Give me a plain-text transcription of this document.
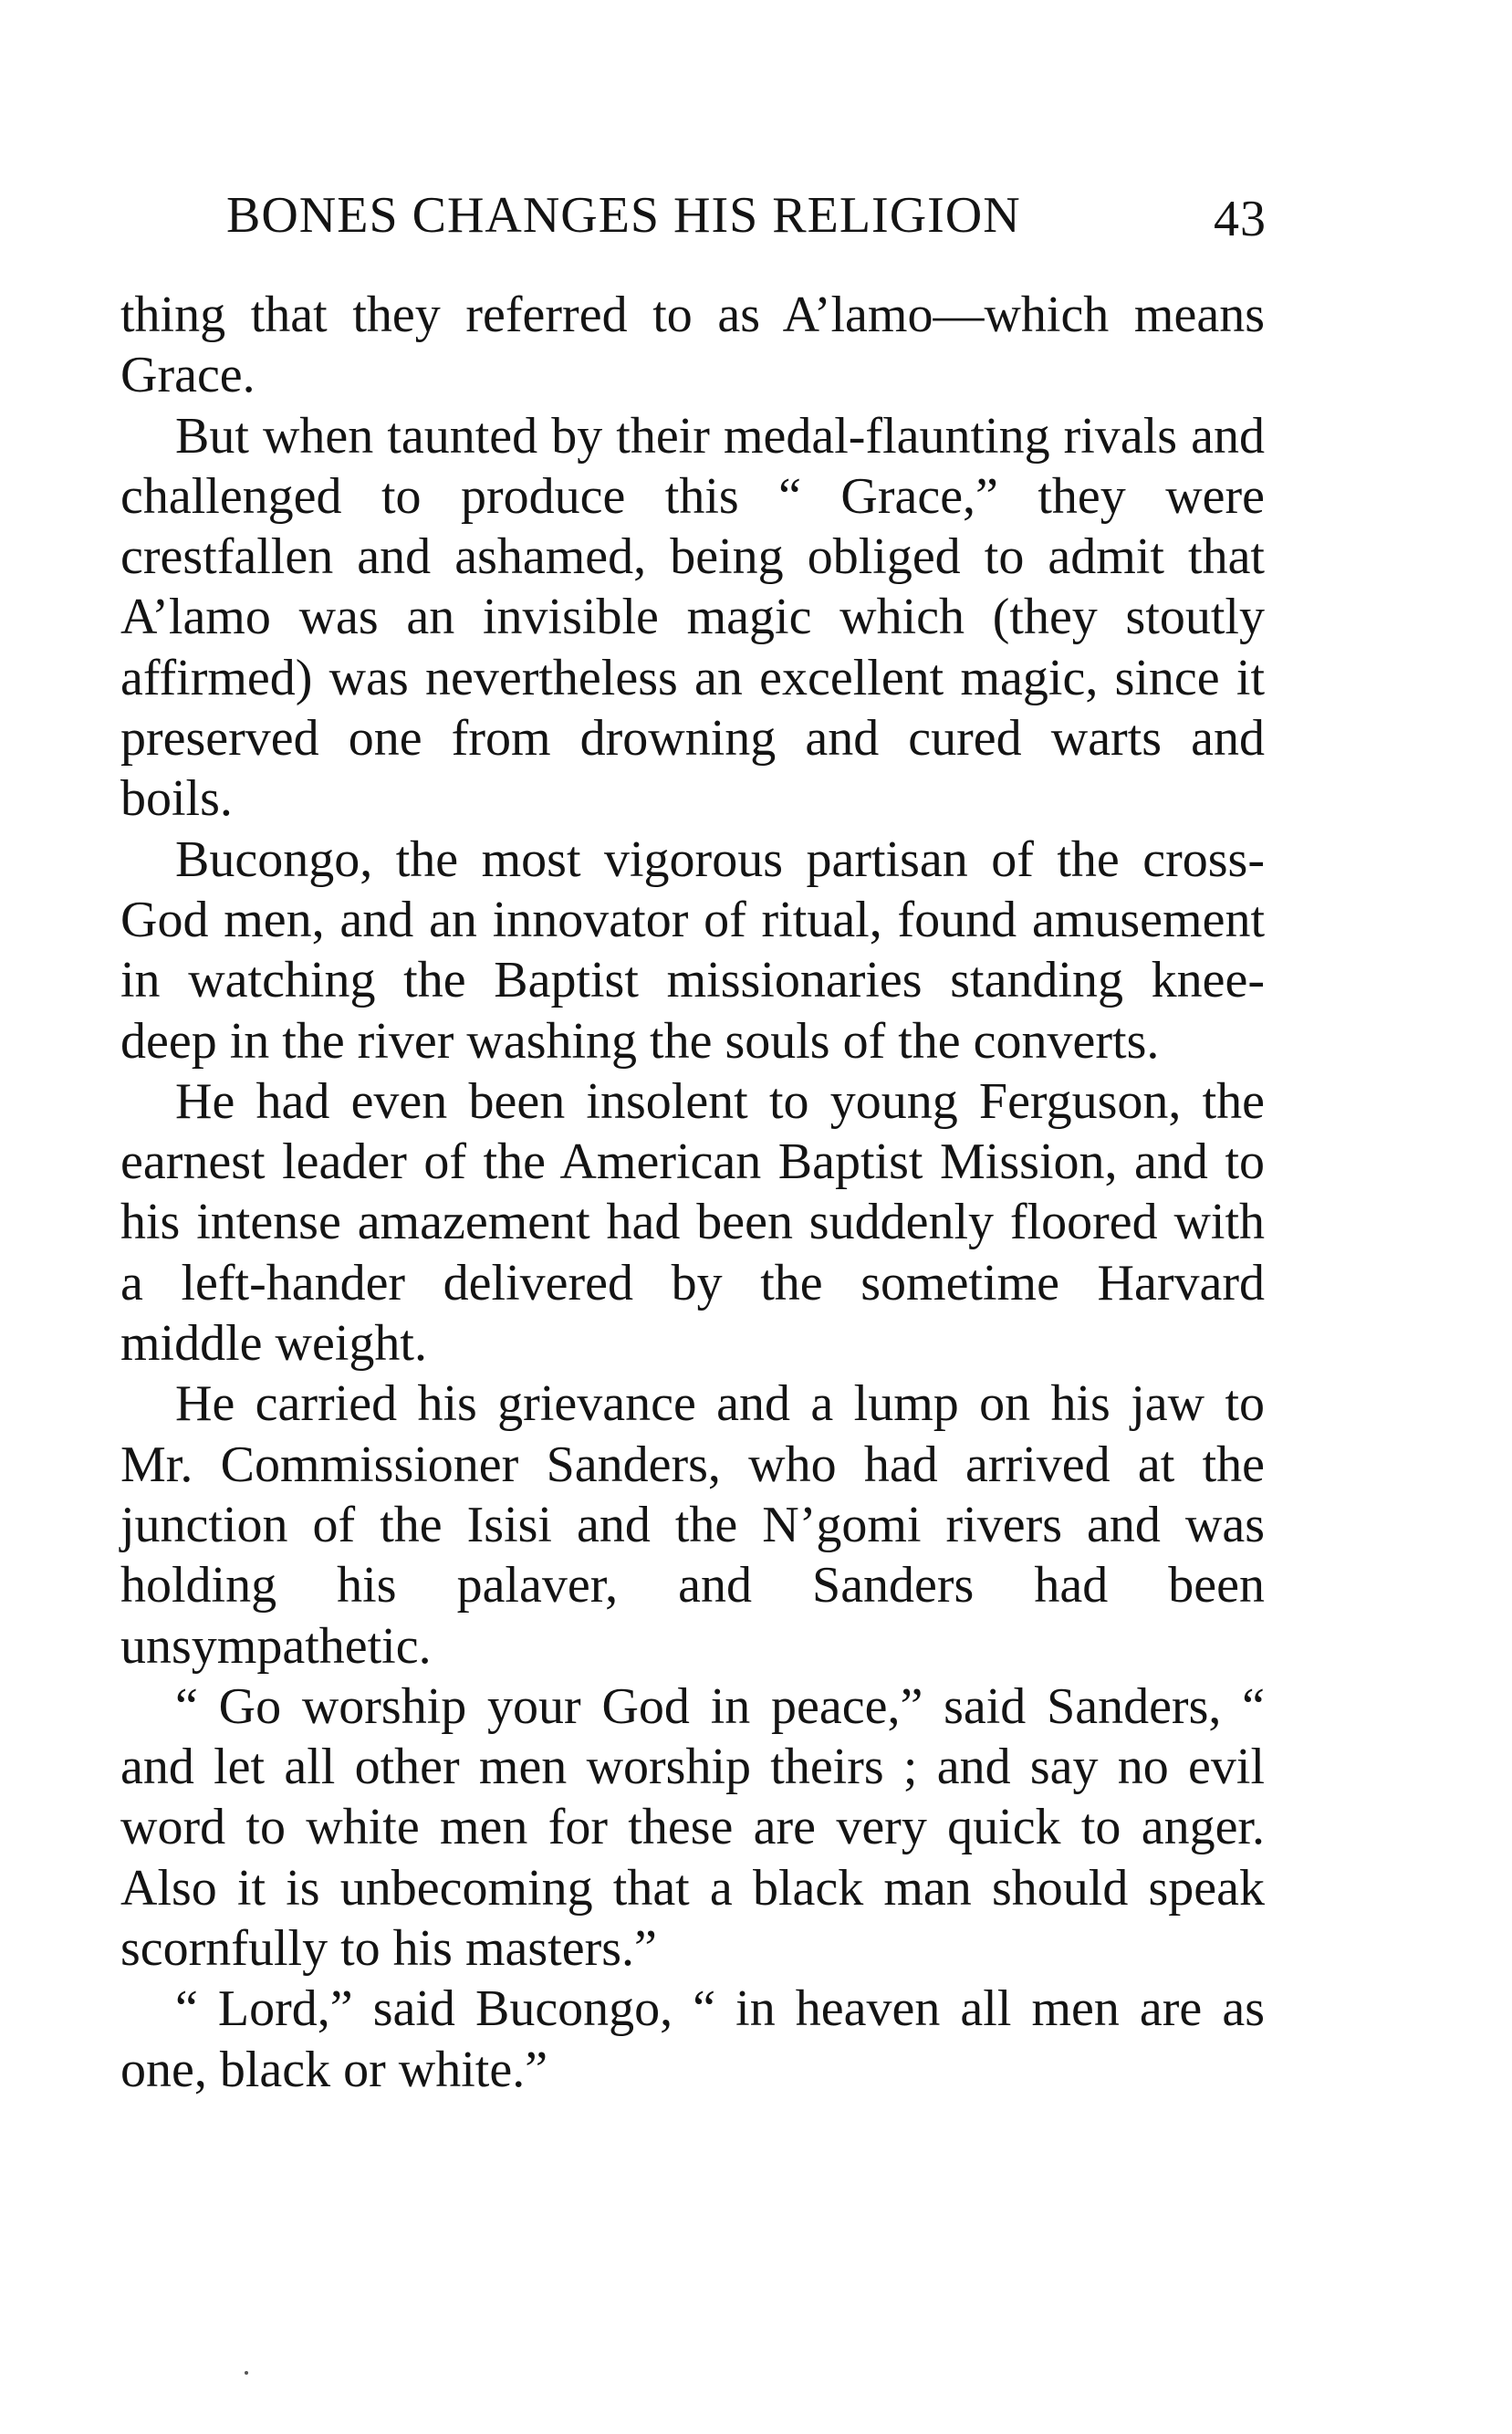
BONES CHANGES HIS RELIGION	43

thing that they referred to as A’lamo—which means Grace.

But when taunted by their medal-flaunting rivals and challenged to produce this “ Grace,” they were crestfallen and ashamed, being obliged to admit that A’lamo was an invisible magic which (they stoutly affirmed) was nevertheless an excellent magic, since it preserved one from drowning and cured warts and boils.

Bucongo, the most vigorous partisan of the cross-God men, and an innovator of ritual, found amusement in watching the Baptist missionaries standing knee-deep in the river washing the souls of the converts.

He had even been insolent to young Ferguson, the earnest leader of the American Baptist Mission, and to his intense amazement had been suddenly floored with a left-hander delivered by the sometime Harvard middle weight.

He carried his grievance and a lump on his jaw to Mr. Commissioner Sanders, who had arrived at the junction of the Isisi and the N’gomi rivers and was holding his palaver, and Sanders had been unsympathetic.

“ Go worship your God in peace,” said Sanders, “ and let all other men worship theirs ; and say no evil word to white men for these are very quick to anger. Also it is unbecoming that a black man should speak scornfully to his masters.”

“ Lord,” said Bucongo, “ in heaven all men are as one, black or white.”
